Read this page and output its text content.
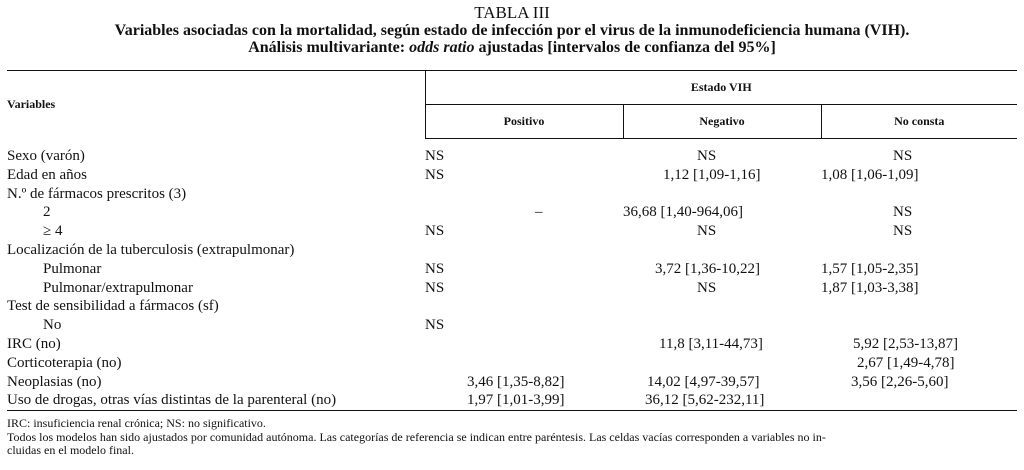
TABLA III
Variables asociadas con la mortalidad, según estado de infección por el virus de la inmunodeficiencia humana (VIH).
Análisis multivariante: odds ratio ajustadas [intervalos de confianza del 95%]
Variables	Estado VIH		
	Positivo	Negativo	No consta
Sexo (varón)	NS	NS	NS
Edad en años	NS	1,12 [1,09-1,16]	1,08 [1,06-1,09]
N.º de fármacos prescritos (3)			
2	–	36,68 [1,40-964,06]	NS
≥ 4	NS	NS	NS
Localización de la tuberculosis (extrapulmonar)			
Pulmonar	NS	3,72 [1,36-10,22]	1,57 [1,05-2,35]
Pulmonar/extrapulmonar	NS	NS	1,87 [1,03-3,38]
Test de sensibilidad a fármacos (sf)			
No	NS		
IRC (no)		11,8 [3,11-44,73]	5,92 [2,53-13,87]
Corticoterapia (no)			2,67 [1,49-4,78]
Neoplasias (no)	3,46 [1,35-8,82]	14,02 [4,97-39,57]	3,56 [2,26-5,60]
Uso de drogas, otras vías distintas de la parenteral (no)	1,97 [1,01-3,99]	36,12 [5,62-232,11]	
IRC: insuficiencia renal crónica; NS: no significativo.
Todos los modelos han sido ajustados por comunidad autónoma. Las categorías de referencia se indican entre paréntesis. Las celdas vacías corresponden a variables no in-
cluidas en el modelo final.
